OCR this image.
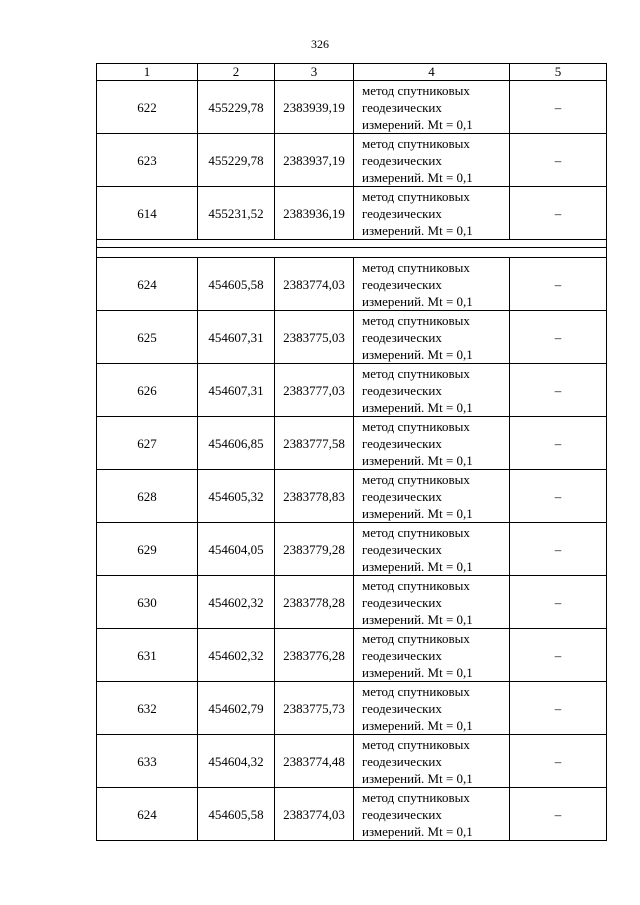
326
1	2	3	4	5
622	455229,78	2383939,19	метод спутниковых
геодезических
измерений. Mt = 0,1	–
623	455229,78	2383937,19	метод спутниковых
геодезических
измерений. Mt = 0,1	–
614	455231,52	2383936,19	метод спутниковых
геодезических
измерений. Mt = 0,1	–

624	454605,58	2383774,03	метод спутниковых
геодезических
измерений. Mt = 0,1	–
625	454607,31	2383775,03	метод спутниковых
геодезических
измерений. Mt = 0,1	–
626	454607,31	2383777,03	метод спутниковых
геодезических
измерений. Mt = 0,1	–
627	454606,85	2383777,58	метод спутниковых
геодезических
измерений. Mt = 0,1	–
628	454605,32	2383778,83	метод спутниковых
геодезических
измерений. Mt = 0,1	–
629	454604,05	2383779,28	метод спутниковых
геодезических
измерений. Mt = 0,1	–
630	454602,32	2383778,28	метод спутниковых
геодезических
измерений. Mt = 0,1	–
631	454602,32	2383776,28	метод спутниковых
геодезических
измерений. Mt = 0,1	–
632	454602,79	2383775,73	метод спутниковых
геодезических
измерений. Mt = 0,1	–
633	454604,32	2383774,48	метод спутниковых
геодезических
измерений. Mt = 0,1	–
624	454605,58	2383774,03	метод спутниковых
геодезических
измерений. Mt = 0,1	–
